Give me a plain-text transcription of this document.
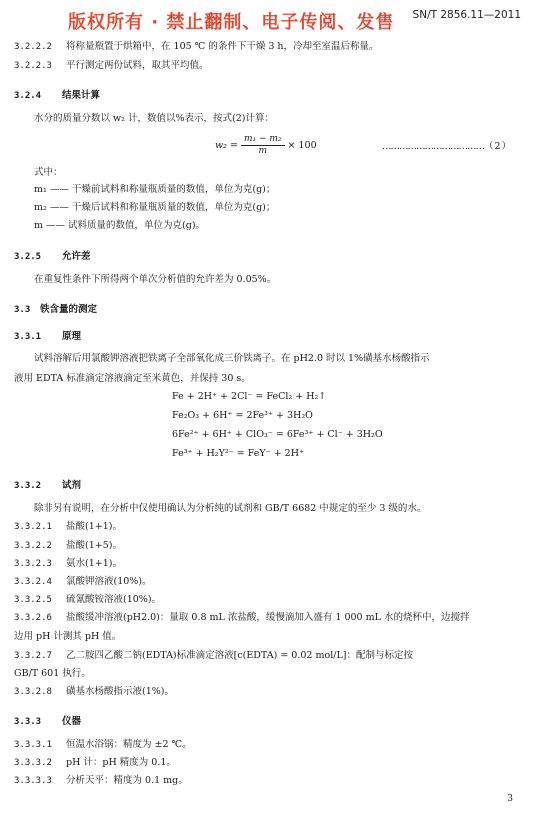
版权所有 · 禁止翻制、电子传阅、发售 SN/T 2856.11—2011
3.2.2.2 将称量瓶置于烘箱中，在 105 ℃ 的条件下干燥 3 h，冷却至室温后称量。
3.2.2.3 平行测定两份试料，取其平均值。
3.2.4 结果计算
水分的质量分数以 w₂ 计，数值以%表示，按式(2)计算：
$w_2 = \frac{\text{m₁ − m₂}}{m} \times 100$	………………………………（ 2 ）
式中：
m₁ —— 干燥前试料和称量瓶质量的数值，单位为克(g)；
m₂ —— 干燥后试料和称量瓶质量的数值，单位为克(g)；
m —— 试料质量的数值，单位为克(g)。
3.2.5 允许差
在重复性条件下所得两个单次分析值的允许差为 0.05%。
3.3 铁含量的测定
3.3.1 原理
试料溶解后用氯酸钾溶液把铁离子全部氧化成三价铁离子。在 pH2.0 时以 1%磺基水杨酸指示
液用 EDTA 标准滴定溶液滴定至米黄色，并保持 30 s。
Fe + 2H⁺ + 2Cl⁻ = FeCl₂ + H₂↑
Fe₂O₃ + 6H⁺ = 2Fe³⁺ + 3H₂O
6Fe²⁺ + 6H⁺ + ClO₃⁻ = 6Fe³⁺ + Cl⁻ + 3H₂O
Fe³⁺ + H₂Y²⁻ = FeY⁻ + 2H⁺
3.3.2 试剂
除非另有说明，在分析中仅使用确认为分析纯的试剂和 GB/T 6682 中规定的至少 3 级的水。
3.3.2.1 盐酸(1+1)。
3.3.2.2 盐酸(1+5)。
3.3.2.3 氨水(1+1)。
3.3.2.4 氯酸钾溶液(10%)。
3.3.2.5 硫氰酸铵溶液(10%)。
3.3.2.6 盐酸缓冲溶液(pH2.0)：量取 0.8 mL 浓盐酸，缓慢滴加入盛有 1 000 mL 水的烧杯中，边搅拌
边用 pH 计测其 pH 值。
3.3.2.7 乙二胺四乙酸二钠(EDTA)标准滴定溶液[c(EDTA) = 0.02 mol/L]：配制与标定按
GB/T 601 执行。
3.3.2.8 磺基水杨酸指示液(1%)。
3.3.3 仪器
3.3.3.1 恒温水浴锅：精度为 ±2 ℃。
3.3.3.2 pH 计：pH 精度为 0.1。
3.3.3.3 分析天平：精度为 0.1 mg。
3
